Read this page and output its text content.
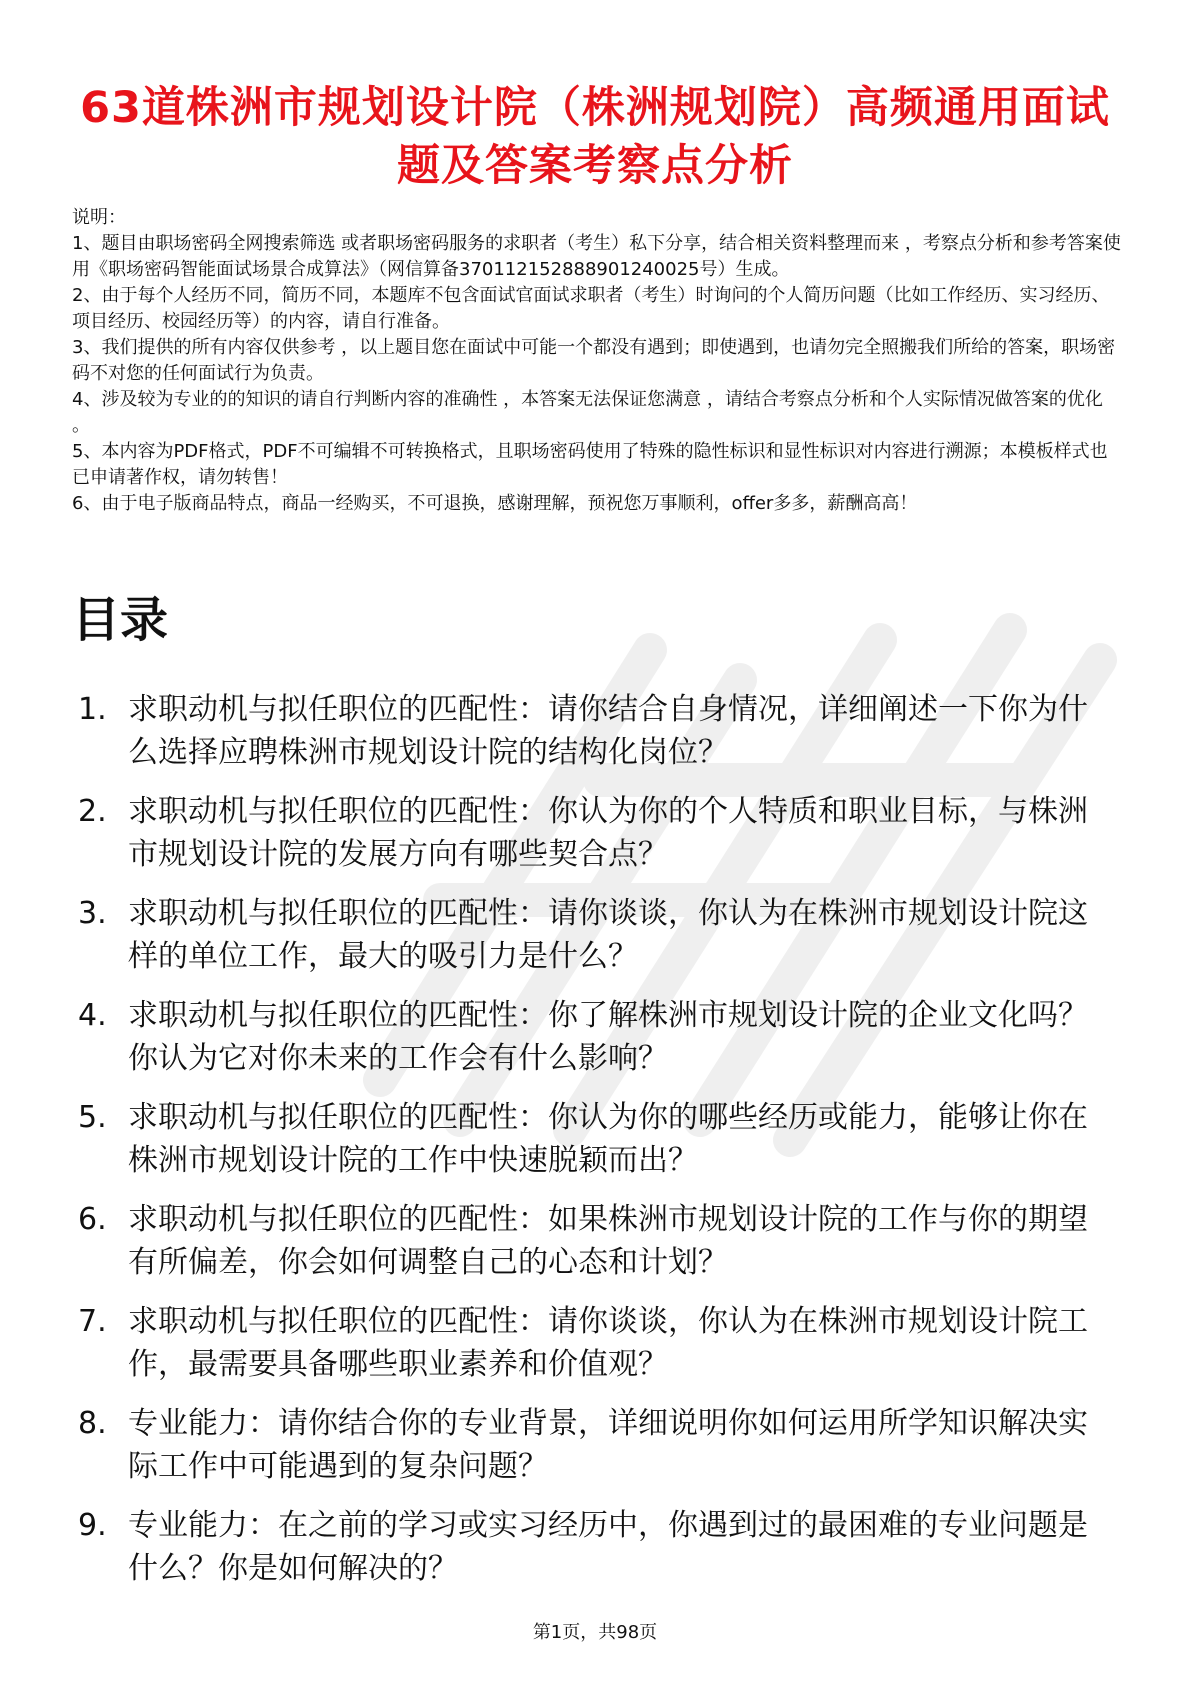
63道株洲市规划设计院（株洲规划院）高频通用面试题及答案考察点分析

说明：

1、题目由职场密码全网搜索筛选 或者职场密码服务的求职者（考生）私下分享，结合相关资料整理而来 ，考察点分析和参考答案使用《职场密码智能面试场景合成算法》（网信算备370112152888901240025号）生成。

2、由于每个人经历不同，简历不同，本题库不包含面试官面试求职者（考生）时询问的个人简历问题（比如工作经历、实习经历、项目经历、校园经历等）的内容，请自行准备。

3、我们提供的所有内容仅供参考 ，以上题目您在面试中可能一个都没有遇到；即使遇到，也请勿完全照搬我们所给的答案，职场密码不对您的任何面试行为负责。

4、涉及较为专业的的知识的请自行判断内容的准确性 ，本答案无法保证您满意 ，请结合考察点分析和个人实际情况做答案的优化 。

5、本内容为PDF格式，PDF不可编辑不可转换格式，且职场密码使用了特殊的隐性标识和显性标识对内容进行溯源；本模板样式也已申请著作权，请勿转售！

6、由于电子版商品特点，商品一经购买，不可退换，感谢理解，预祝您万事顺利，offer多多，薪酬高高！

目录
1. 求职动机与拟任职位的匹配性：请你结合自身情况，详细阐述一下你为什么选择应聘株洲市规划设计院的结构化岗位？
2. 求职动机与拟任职位的匹配性：你认为你的个人特质和职业目标，与株洲市规划设计院的发展方向有哪些契合点？
3. 求职动机与拟任职位的匹配性：请你谈谈，你认为在株洲市规划设计院这样的单位工作，最大的吸引力是什么？
4. 求职动机与拟任职位的匹配性：你了解株洲市规划设计院的企业文化吗？你认为它对你未来的工作会有什么影响？
5. 求职动机与拟任职位的匹配性：你认为你的哪些经历或能力，能够让你在株洲市规划设计院的工作中快速脱颖而出？
6. 求职动机与拟任职位的匹配性：如果株洲市规划设计院的工作与你的期望有所偏差，你会如何调整自己的心态和计划？
7. 求职动机与拟任职位的匹配性：请你谈谈，你认为在株洲市规划设计院工作，最需要具备哪些职业素养和价值观？
8. 专业能力：请你结合你的专业背景，详细说明你如何运用所学知识解决实际工作中可能遇到的复杂问题？
9. 专业能力：在之前的学习或实习经历中，你遇到过的最困难的专业问题是什么？你是如何解决的？
第1页，共98页
